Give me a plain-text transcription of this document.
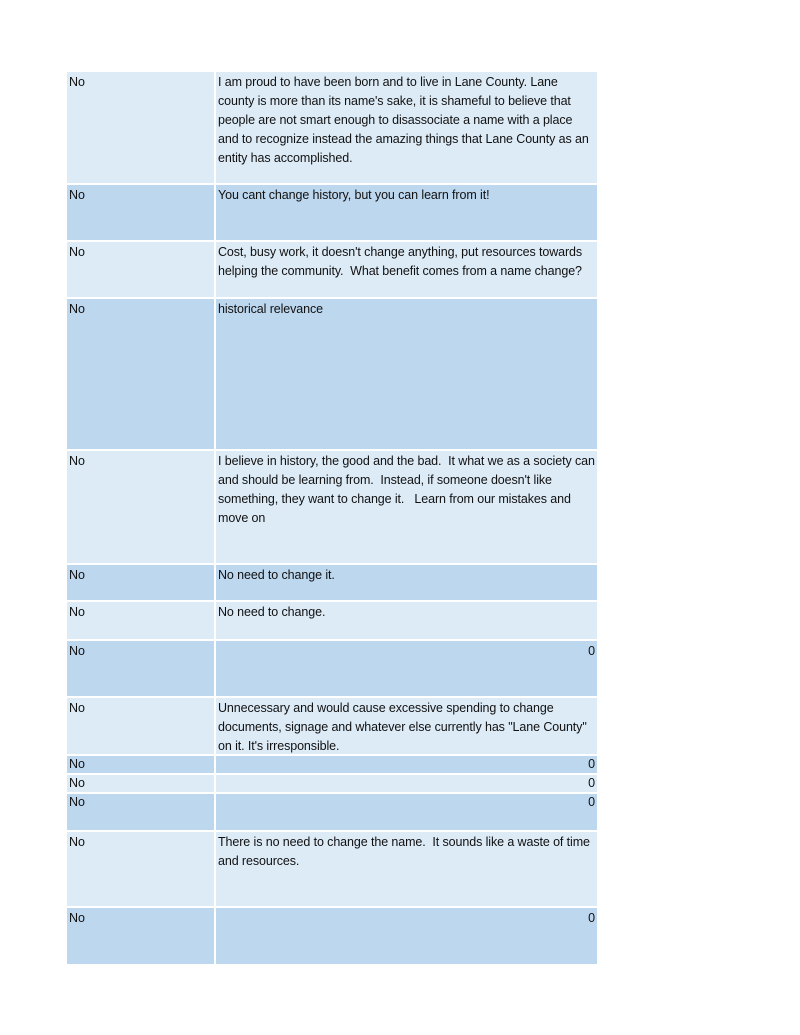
No	I am proud to have been born and to live in Lane County. Lane county is more than its name's sake, it is shameful to believe that people are not smart enough to disassociate a name with a place and to recognize instead the amazing things that Lane County as an entity has accomplished.
No	You cant change history, but you can learn from it!
No	Cost, busy work, it doesn't change anything, put resources towards helping the community.  What benefit comes from a name change?
No	historical relevance
No	I believe in history, the good and the bad.  It what we as a society can and should be learning from.  Instead, if someone doesn't like something, they want to change it.   Learn from our mistakes and move on
No	No need to change it.
No	No need to change.
No	0
No	Unnecessary and would cause excessive spending to change documents, signage and whatever else currently has "Lane County" on it. It's irresponsible.
No	0
No	0
No	0
No	There is no need to change the name.  It sounds like a waste of time and resources.
No	0
